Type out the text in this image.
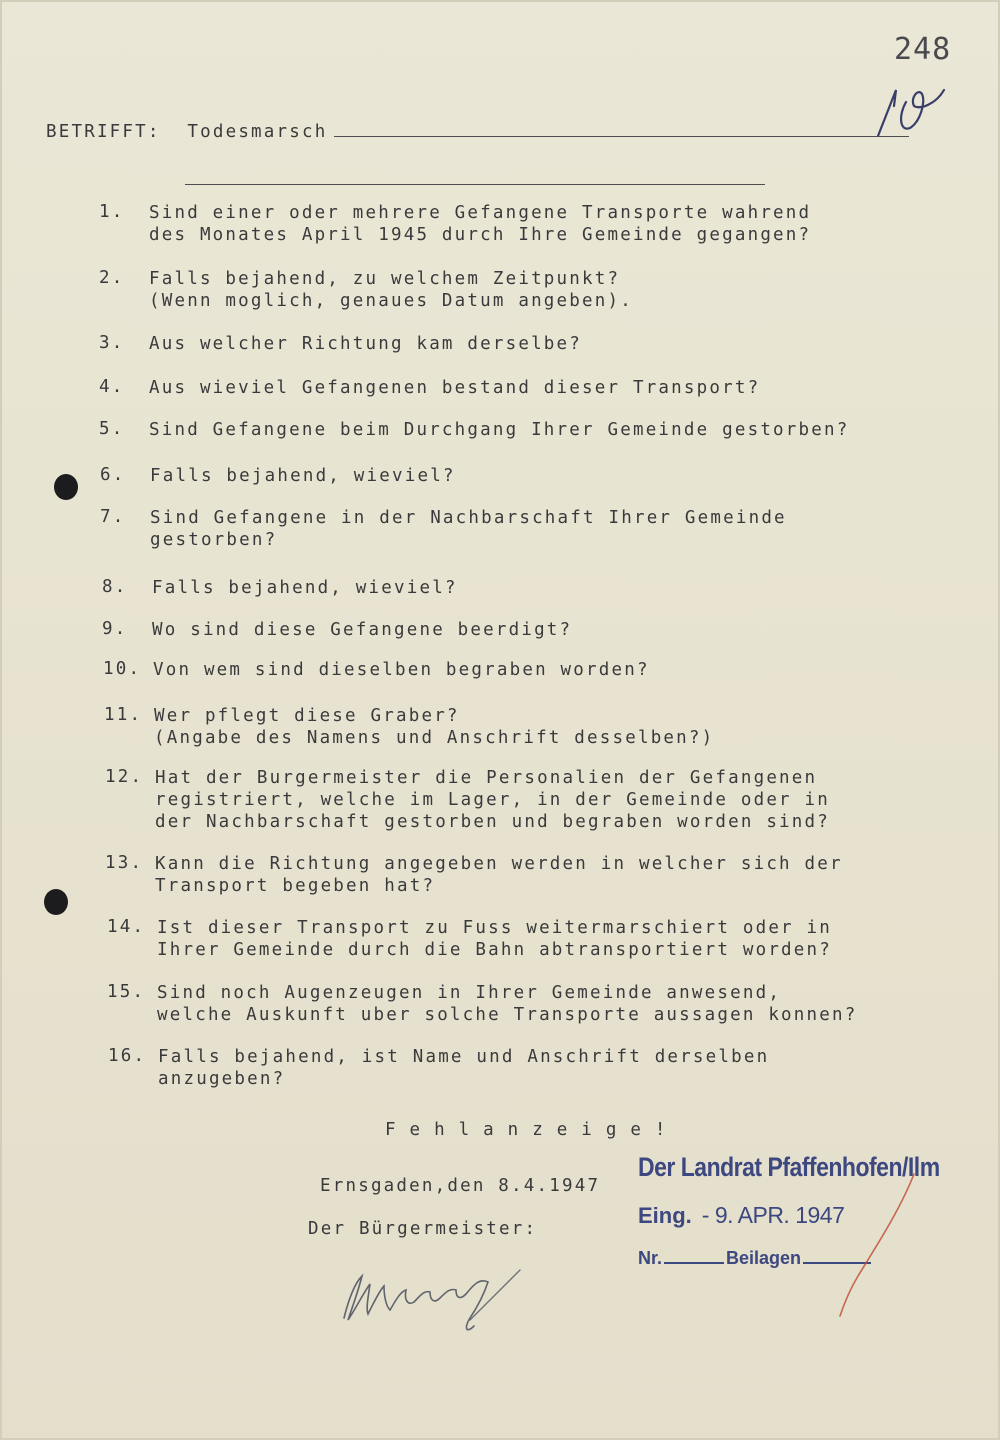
248
BETRIFFT: Todesmarsch
1.	Sind einer oder mehrere Gefangene Transporte wahrend
des Monates April 1945 durch Ihre Gemeinde gegangen?
2.	Falls bejahend, zu welchem Zeitpunkt?
(Wenn moglich, genaues Datum angeben).
3.	Aus welcher Richtung kam derselbe?
4.	Aus wieviel Gefangenen bestand dieser Transport?
5.	Sind Gefangene beim Durchgang Ihrer Gemeinde gestorben?
6.	Falls bejahend, wieviel?
7.	Sind Gefangene in der Nachbarschaft Ihrer Gemeinde
gestorben?
8.	Falls bejahend, wieviel?
9.	Wo sind diese Gefangene beerdigt?
10. Von wem sind dieselben begraben worden?
11. Wer pflegt diese Graber?
(Angabe des Namens und Anschrift desselben?)
12. Hat der Burgermeister die Personalien der Gefangenen
registriert, welche im Lager, in der Gemeinde oder in
der Nachbarschaft gestorben und begraben worden sind?
13. Kann die Richtung angegeben werden in welcher sich der
Transport begeben hat?
14. Ist dieser Transport zu Fuss weitermarschiert oder in
Ihrer Gemeinde durch die Bahn abtransportiert worden?
15. Sind noch Augenzeugen in Ihrer Gemeinde anwesend,
welche Auskunft uber solche Transporte aussagen konnen?
16. Falls bejahend, ist Name und Anschrift derselben
anzugeben?
Fehlanzeige!
Ernsgaden,den 8.4.1947
Der Bürgermeister:
Der Landrat Pfaffenhofen/Ilm
Eing. - 9. APR. 1947
Nr.	Beilagen
